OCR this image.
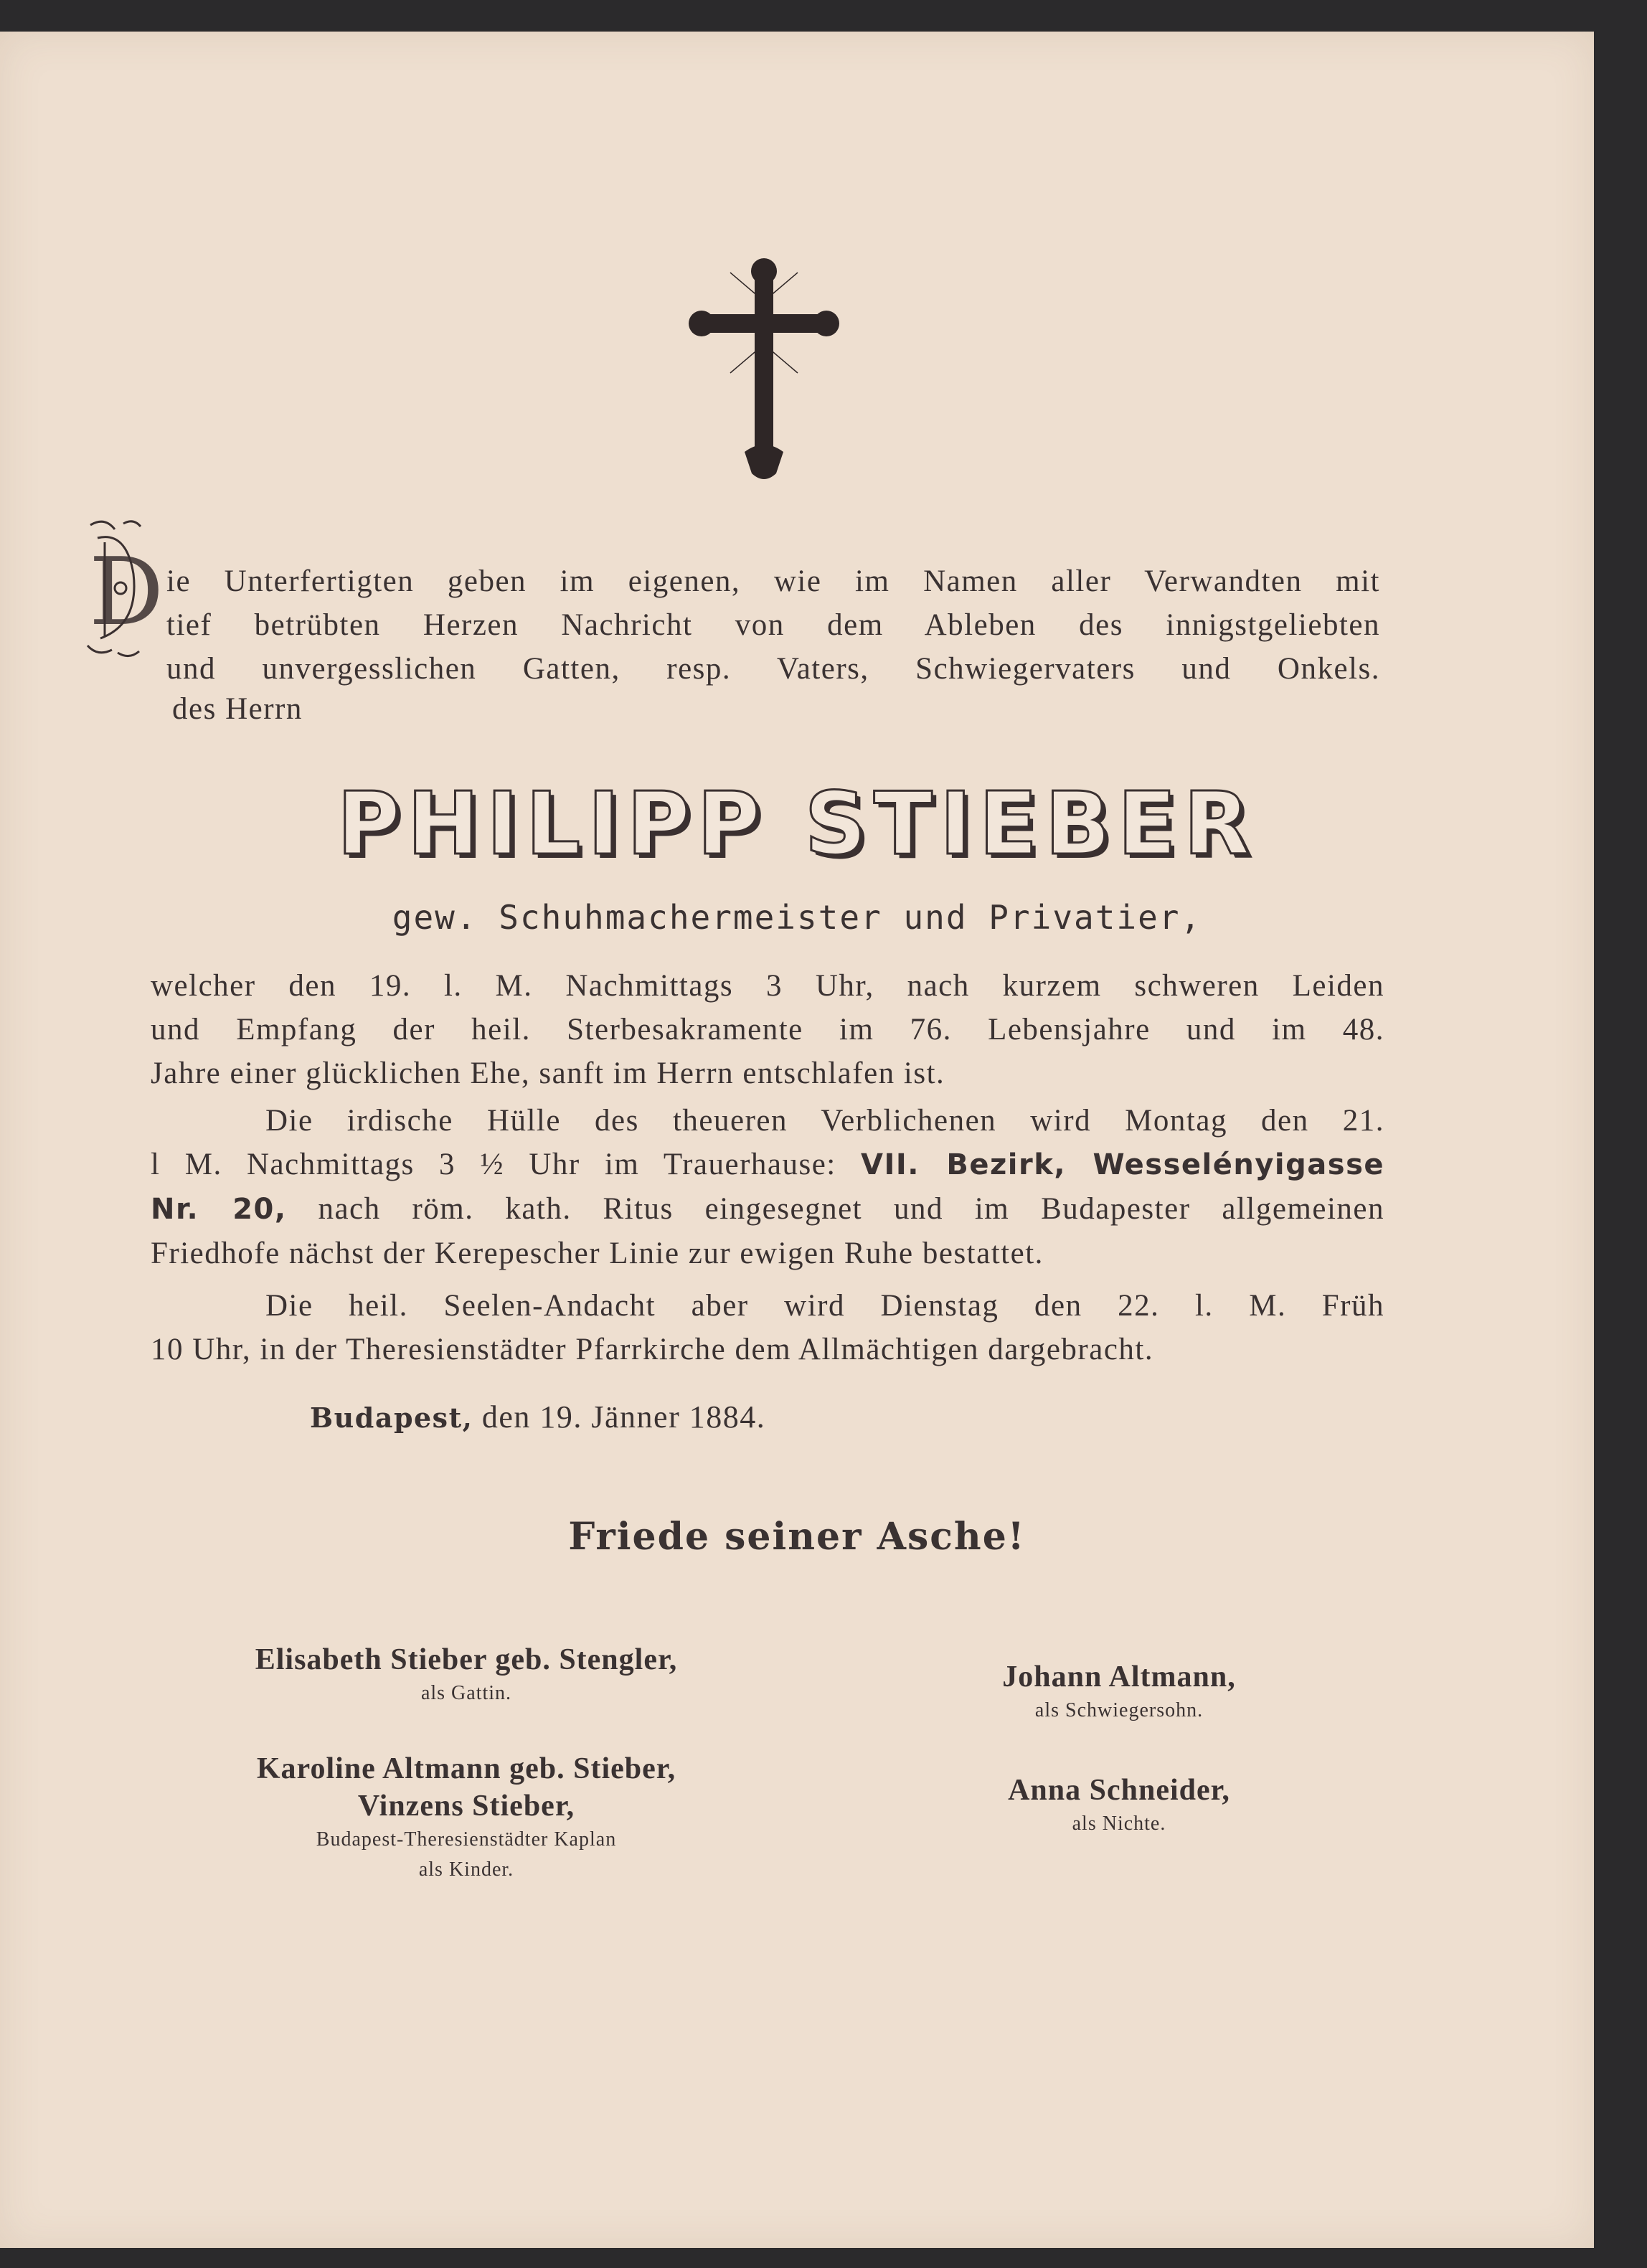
D ie Unterfertigten geben im eigenen, wie im Namen aller Verwandten mit
tief betrübten Herzen Nachricht von dem Ableben des innigstgeliebten
und unvergesslichen Gatten, resp. Vaters, Schwiegervaters und Onkels.
des Herrn
PHILIPP STIEBER
gew. Schuhmachermeister und Privatier,
welcher den 19. l. M. Nachmittags 3 Uhr, nach kurzem schweren Leiden
und Empfang der heil. Sterbesakramente im 76. Lebensjahre und im 48.
Jahre einer glücklichen Ehe, sanft im Herrn entschlafen ist.
Die irdische Hülle des theueren Verblichenen wird Montag den 21.
l M. Nachmittags 3 ½ Uhr im Trauerhause: VII. Bezirk, Wesselényigasse
Nr. 20, nach röm. kath. Ritus eingesegnet und im Budapester allgemeinen
Friedhofe nächst der Kerepescher Linie zur ewigen Ruhe bestattet.
Die heil. Seelen-Andacht aber wird Dienstag den 22. l. M. Früh
10 Uhr, in der Theresienstädter Pfarrkirche dem Allmächtigen dargebracht.
Budapest, den 19. Jänner 1884.
Friede seiner Asche!
Elisabeth Stieber geb. Stengler,
als Gattin.
Karoline Altmann geb. Stieber,
Vinzens Stieber,
Budapest-Theresienstädter Kaplan
als Kinder.
Johann Altmann,
als Schwiegersohn.
Anna Schneider,
als Nichte.
